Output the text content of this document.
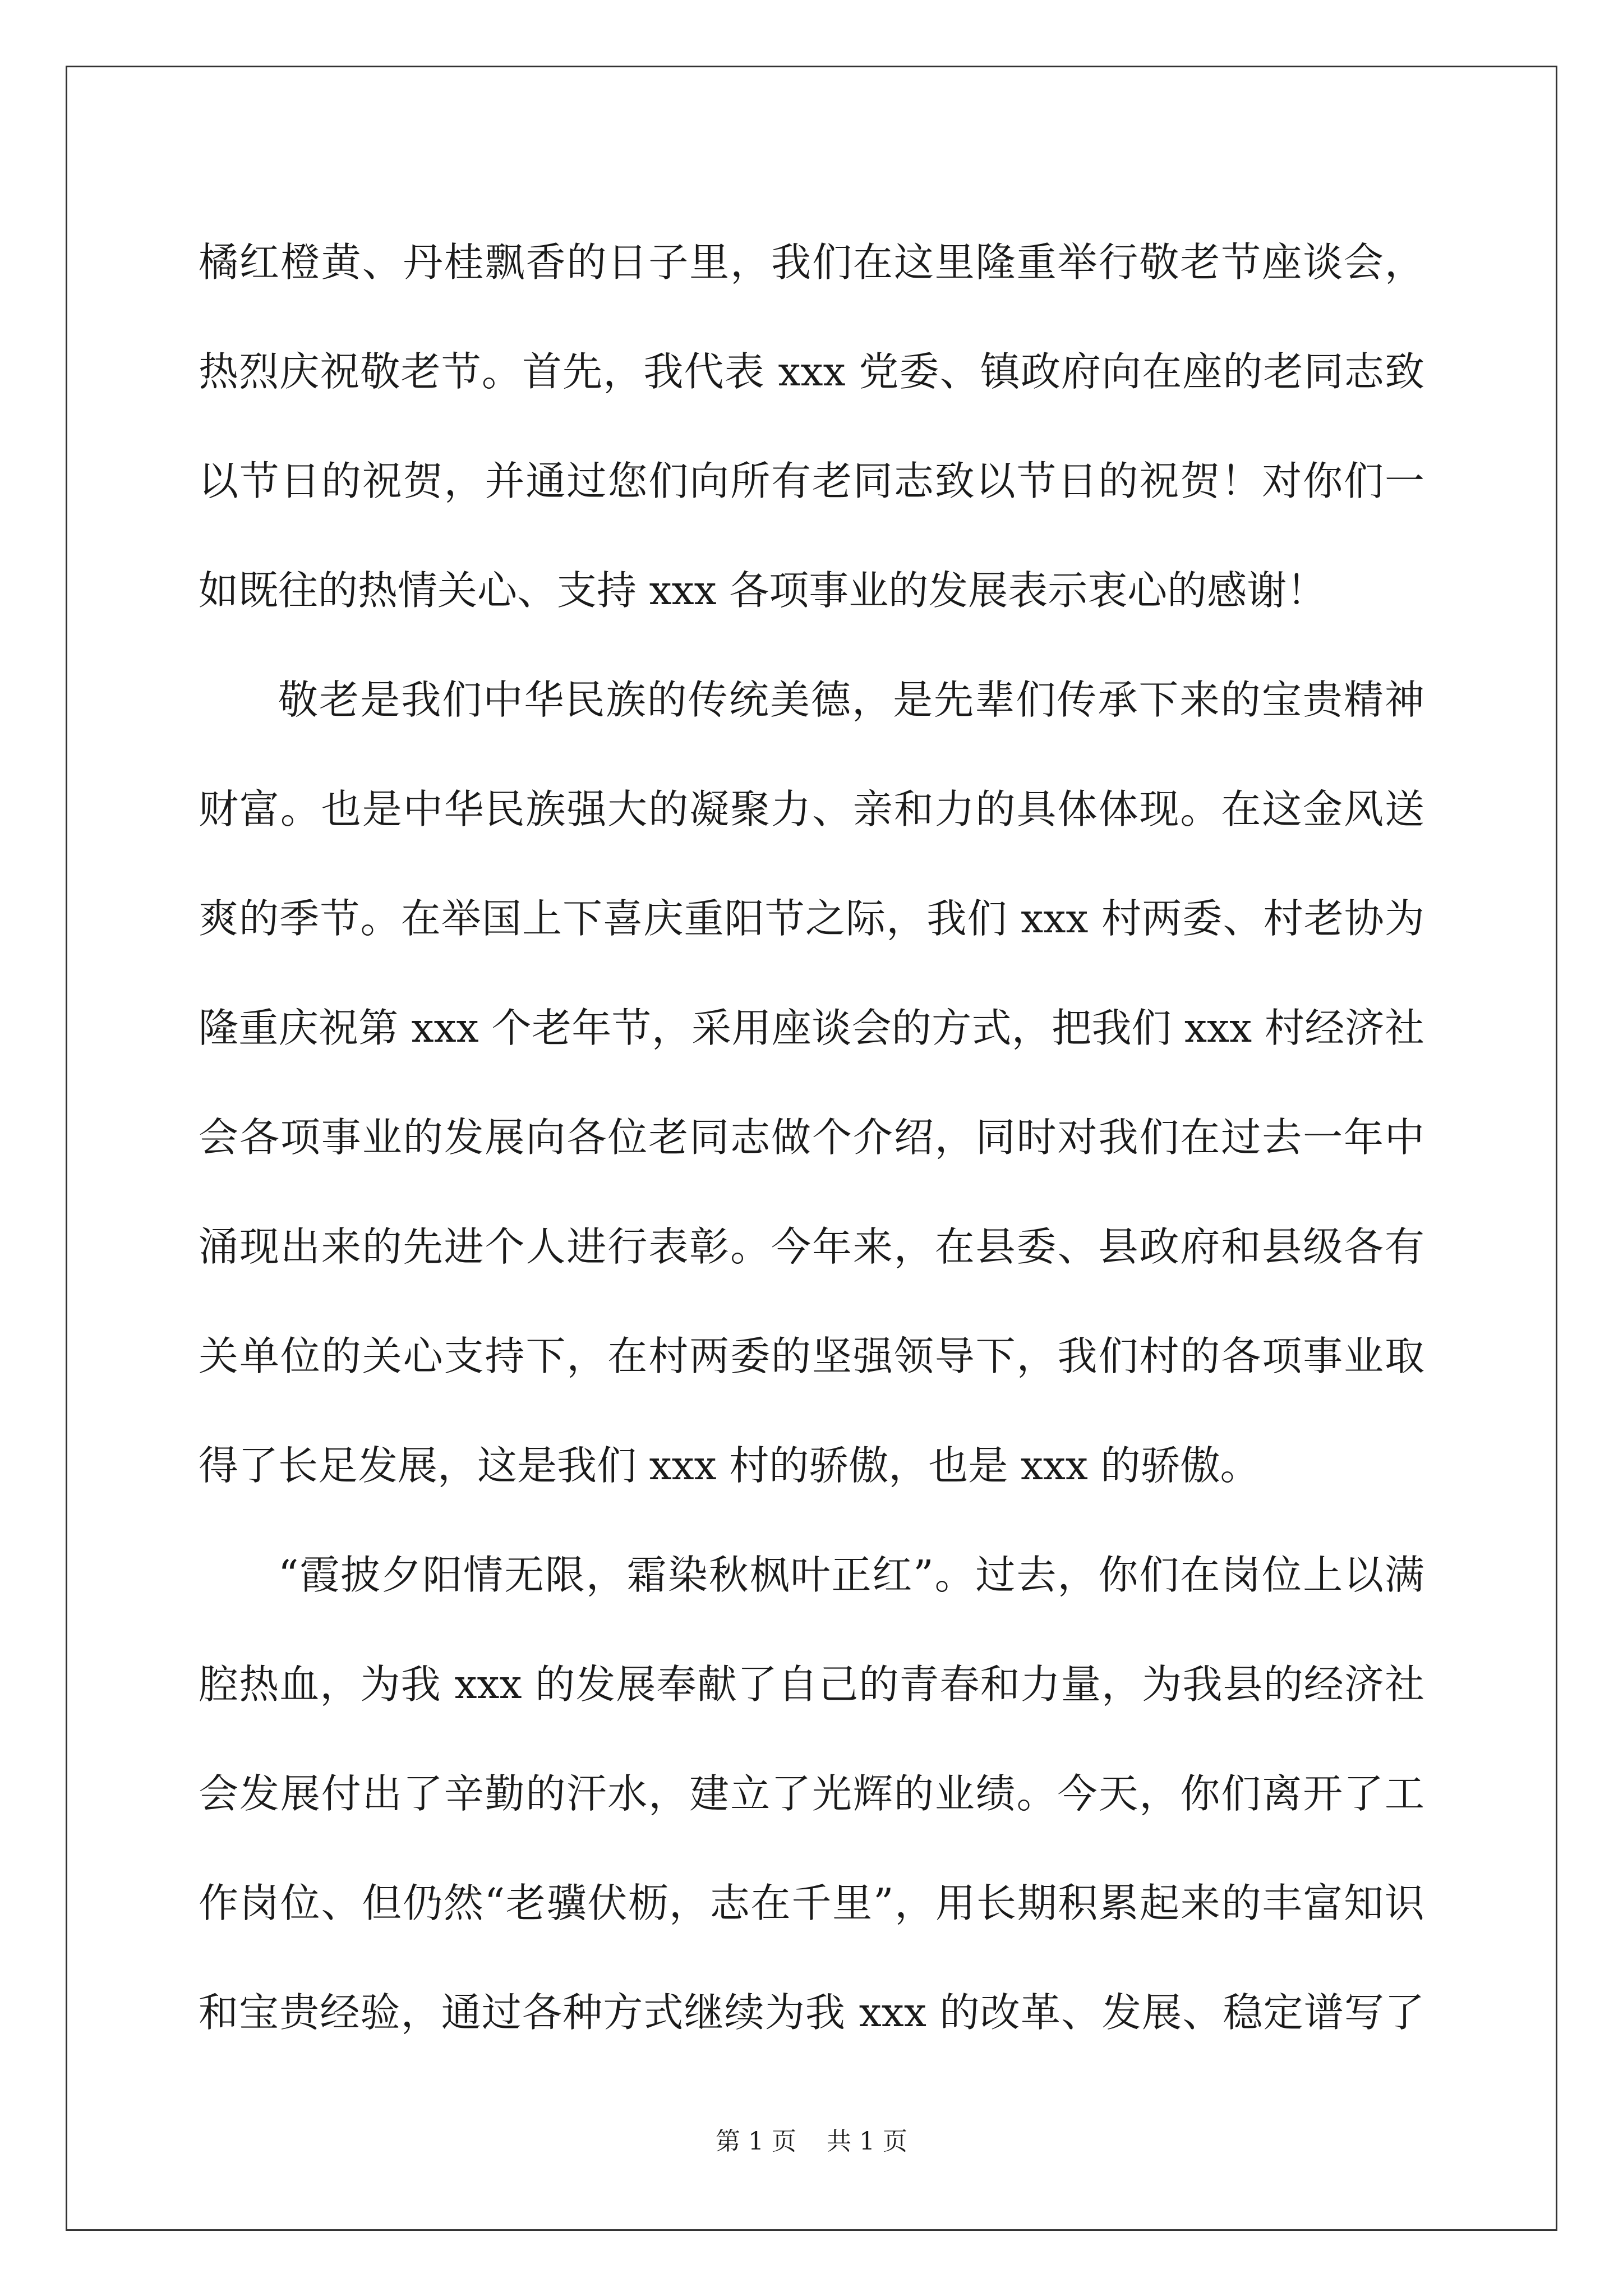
橘红橙黄、丹桂飘香的日子里，我们在这里隆重举行敬老节座谈会，
热烈庆祝敬老节。首先，我代表 xxx 党委、镇政府向在座的老同志致
以节日的祝贺，并通过您们向所有老同志致以节日的祝贺！对你们一
如既往的热情关心、支持 xxx 各项事业的发展表示衷心的感谢！
敬老是我们中华民族的传统美德，是先辈们传承下来的宝贵精神
财富。也是中华民族强大的凝聚力、亲和力的具体体现。在这金风送
爽的季节。在举国上下喜庆重阳节之际，我们 xxx 村两委、村老协为
隆重庆祝第 xxx 个老年节，采用座谈会的方式，把我们 xxx 村经济社
会各项事业的发展向各位老同志做个介绍，同时对我们在过去一年中
涌现出来的先进个人进行表彰。今年来，在县委、县政府和县级各有
关单位的关心支持下，在村两委的坚强领导下，我们村的各项事业取
得了长足发展，这是我们 xxx 村的骄傲，也是 xxx 的骄傲。
“霞披夕阳情无限，霜染秋枫叶正红”。过去，你们在岗位上以满
腔热血，为我 xxx 的发展奉献了自己的青春和力量，为我县的经济社
会发展付出了辛勤的汗水，建立了光辉的业绩。今天，你们离开了工
作岗位、但仍然“老骥伏枥，志在千里”，用长期积累起来的丰富知识
和宝贵经验，通过各种方式继续为我 xxx 的改革、发展、稳定谱写了
第 1 页 共 1 页
